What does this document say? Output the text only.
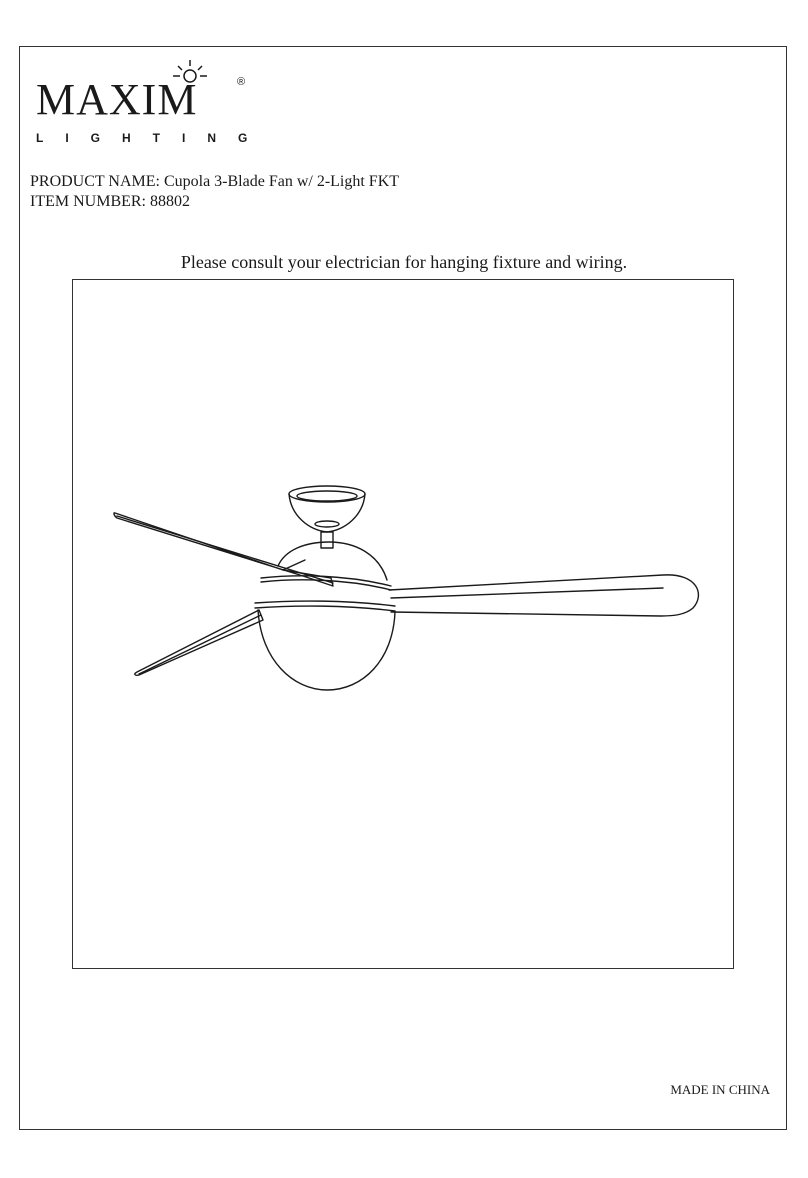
MAXIM	®
LIGHTING
PRODUCT NAME: Cupola 3-Blade Fan w/ 2-Light FKT
ITEM NUMBER: 88802
Please consult your electrician for hanging fixture and wiring.
MADE IN CHINA
